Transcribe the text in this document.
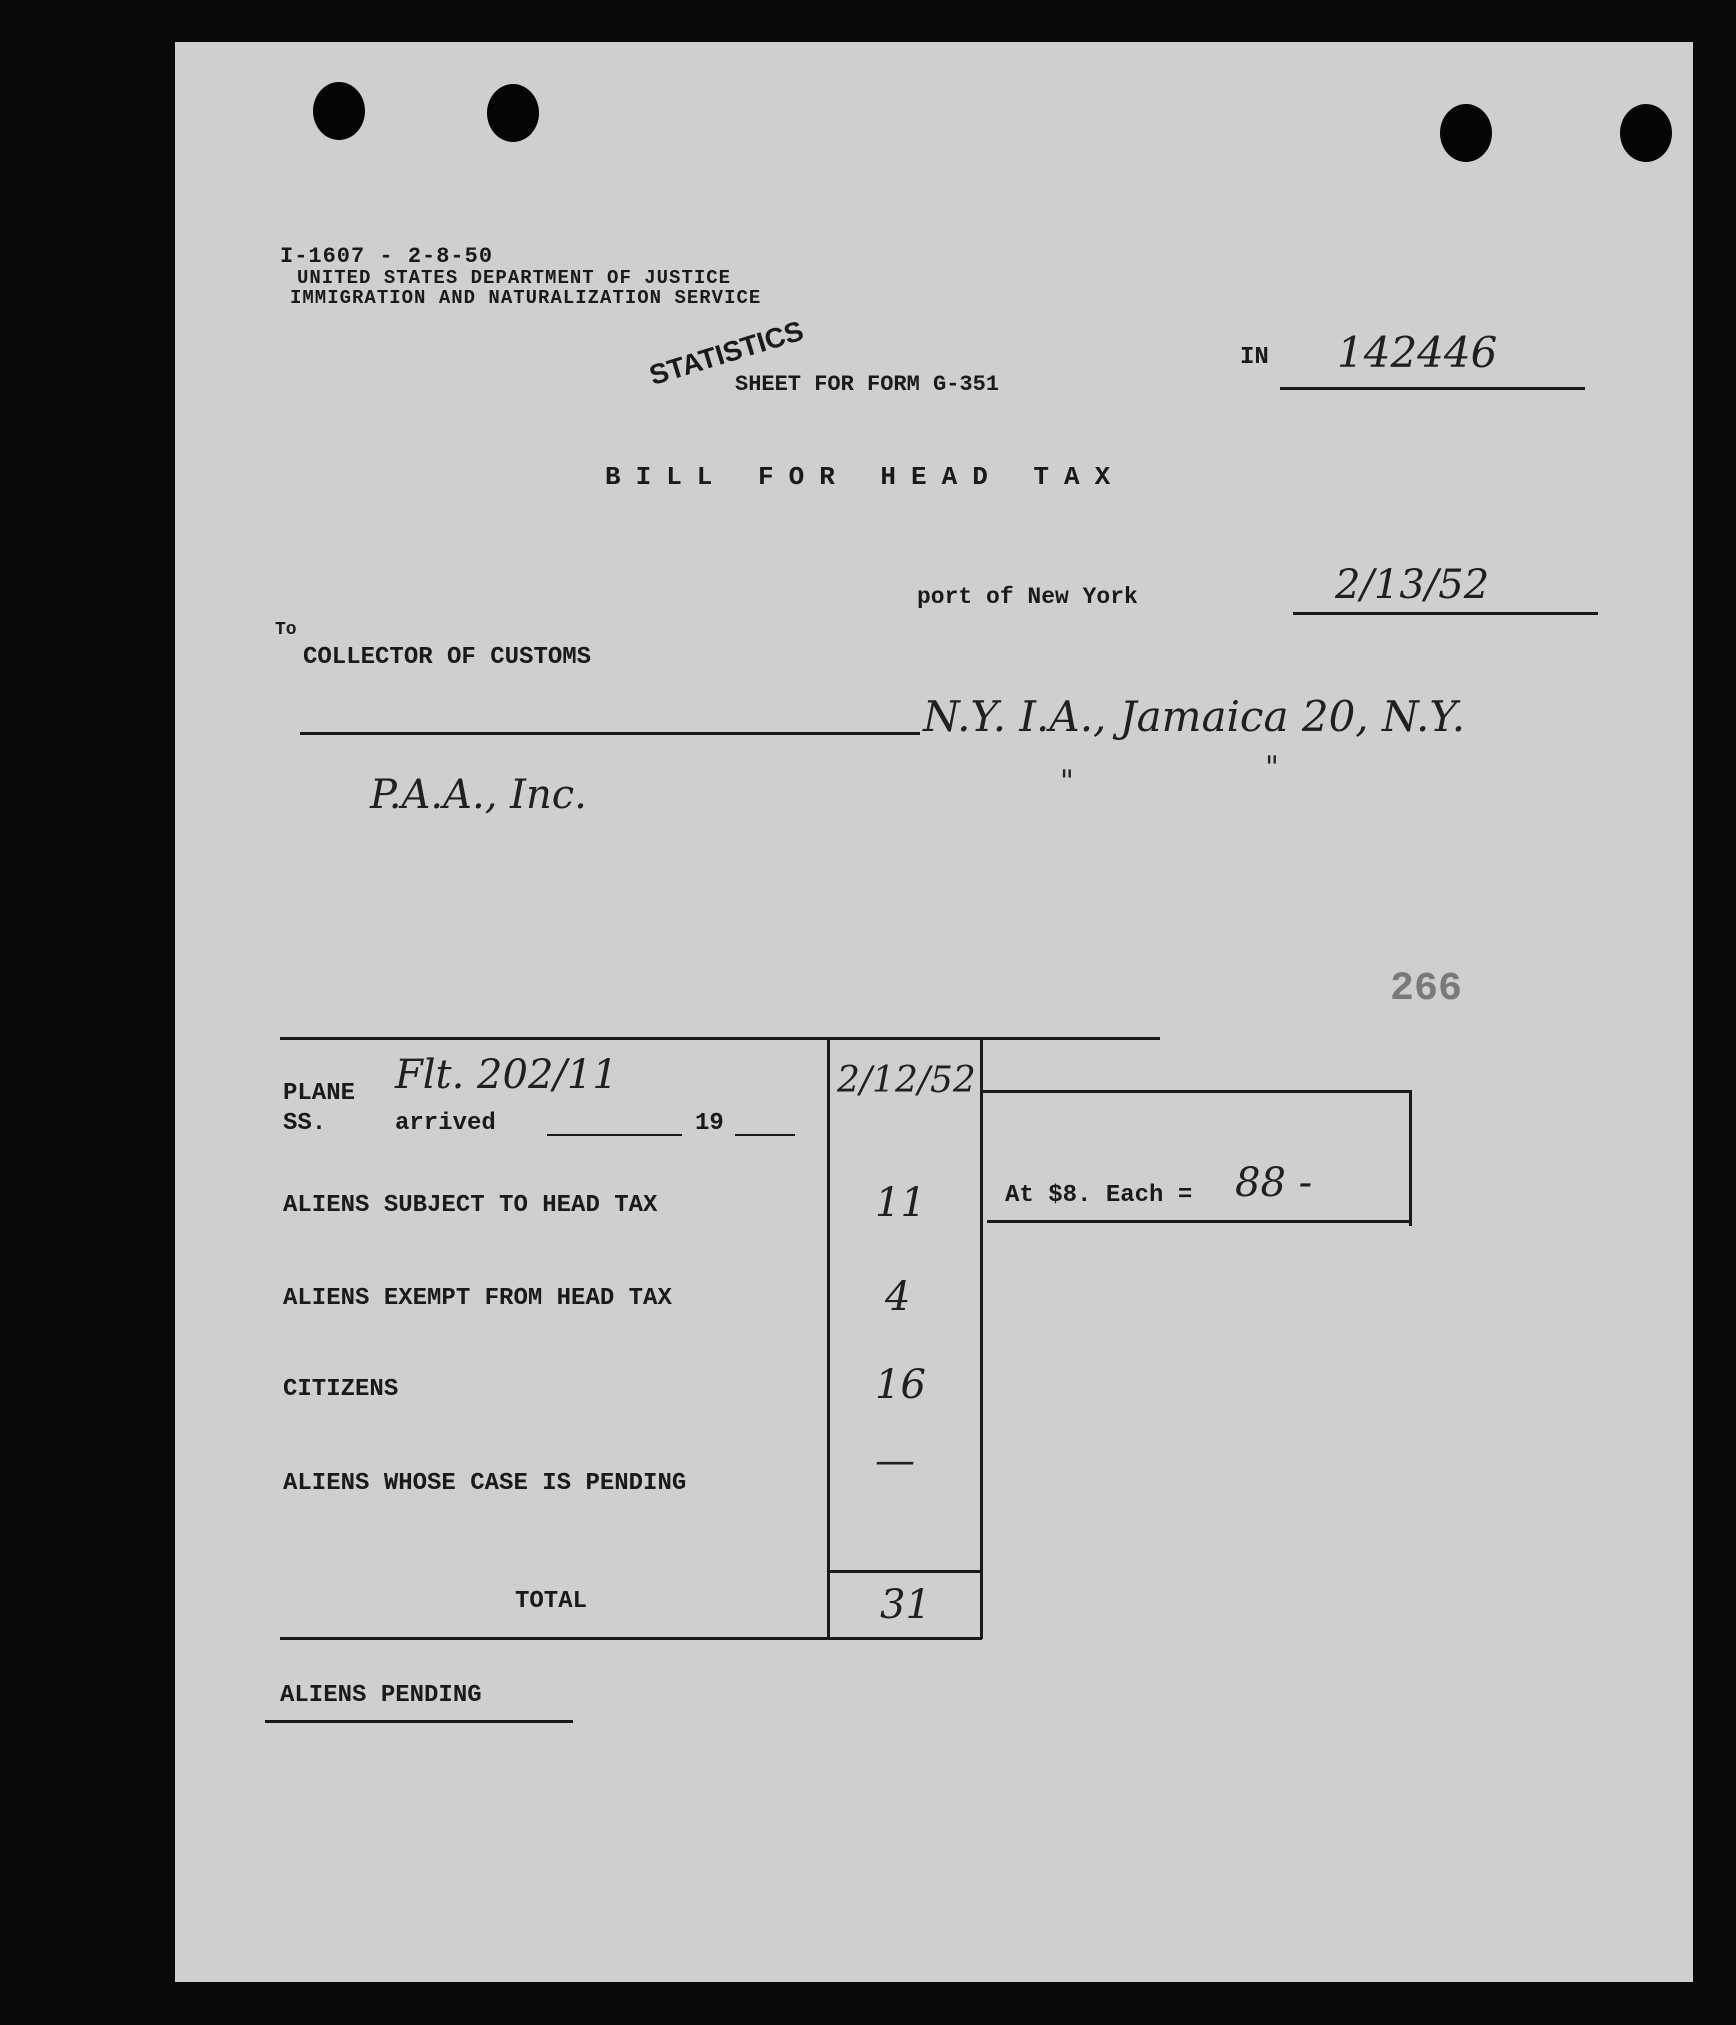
I-1607 - 2-8-50
UNITED STATES DEPARTMENT OF JUSTICE
IMMIGRATION AND NATURALIZATION SERVICE
STATISTICS
SHEET FOR FORM G-351
IN 142446
BILL FOR HEAD TAX
port of New York	2/13/52
To
COLLECTOR OF CUSTOMS
N.Y. I.A., Jamaica 20, N.Y.
P.A.A., Inc.	"	"
266
PLANE Flt. 202/11
SS.	arrived	19
2/12/52
ALIENS SUBJECT TO HEAD TAX	11
ALIENS EXEMPT FROM HEAD TAX	4
CITIZENS	16
ALIENS WHOSE CASE IS PENDING	—
TOTAL	31
At $8. Each = 88 -
ALIENS PENDING
